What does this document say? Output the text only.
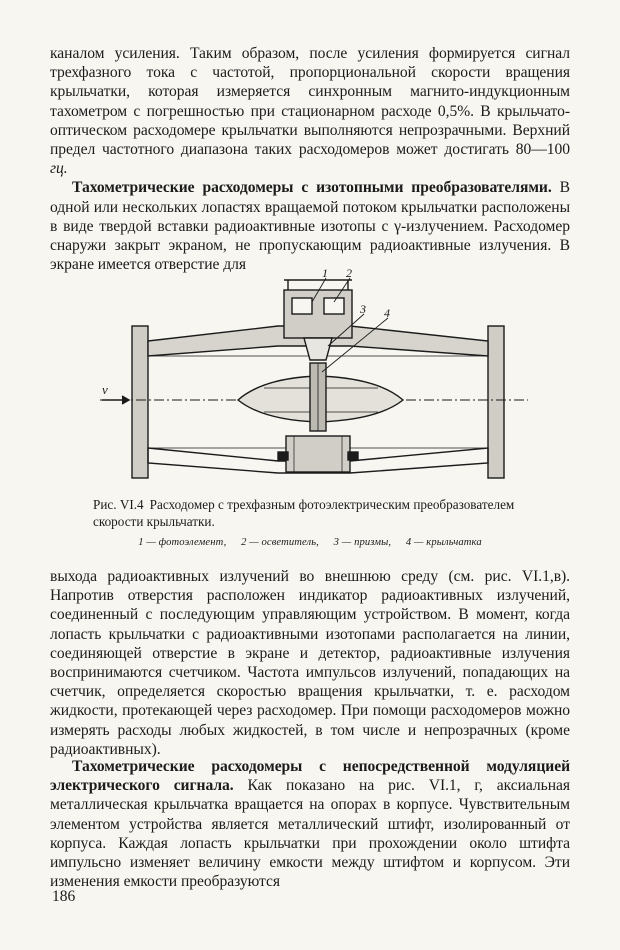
каналом усиления. Таким образом, после усиления формируется сигнал трехфазного тока с частотой, пропорциональной скорости вращения крыльчатки, которая измеряется синхронным магнито-индукционным тахометром с погрешностью при стационарном расходе 0,5%. В крыльчато-оптическом расходомере крыльчатки выполняются непрозрачными. Верхний предел частотного диапазона таких расходомеров может достигать 80—100 гц.

Тахометрические расходомеры с изотопными преобразователями. В одной или нескольких лопастях вращаемой потоком крыльчатки расположены в виде твердой вставки радиоактивные изотопы с γ-излучением. Расходомер снаружи закрыт экраном, не пропускающим радиоактивные излучения. В экране имеется отверстие для	1 2
3 4
v
Рис. VI.4 Расходомер с трехфазным фотоэлектрическим преобразователем скорости крыльчатки.
1 — фотоэлемент, 2 — осветитель, 3 — призмы, 4 — крыльчатка

выхода радиоактивных излучений во внешнюю среду (см. рис. VI.1,в). Напротив отверстия расположен индикатор радиоактивных излучений, соединенный с последующим управляющим устройством. В момент, когда лопасть крыльчатки с радиоактивными изотопами располагается на линии, соединяющей отверстие в экране и детектор, радиоактивные излучения воспринимаются счетчиком. Частота импульсов излучений, попадающих на счетчик, определяется скоростью вращения крыльчатки, т. е. расходом жидкости, протекающей через расходомер. При помощи расходомеров можно измерять расходы любых жидкостей, в том числе и непрозрачных (кроме радиоактивных).

Тахометрические расходомеры с непосредственной модуляцией электрического сигнала. Как показано на рис. VI.1, г, аксиальная металлическая крыльчатка вращается на опорах в корпусе. Чувствительным элементом устройства является металлический штифт, изолированный от корпуса. Каждая лопасть крыльчатки при прохождении около штифта импульсно изменяет величину емкости между штифтом и корпусом. Эти изменения емкости преобразуются

186
